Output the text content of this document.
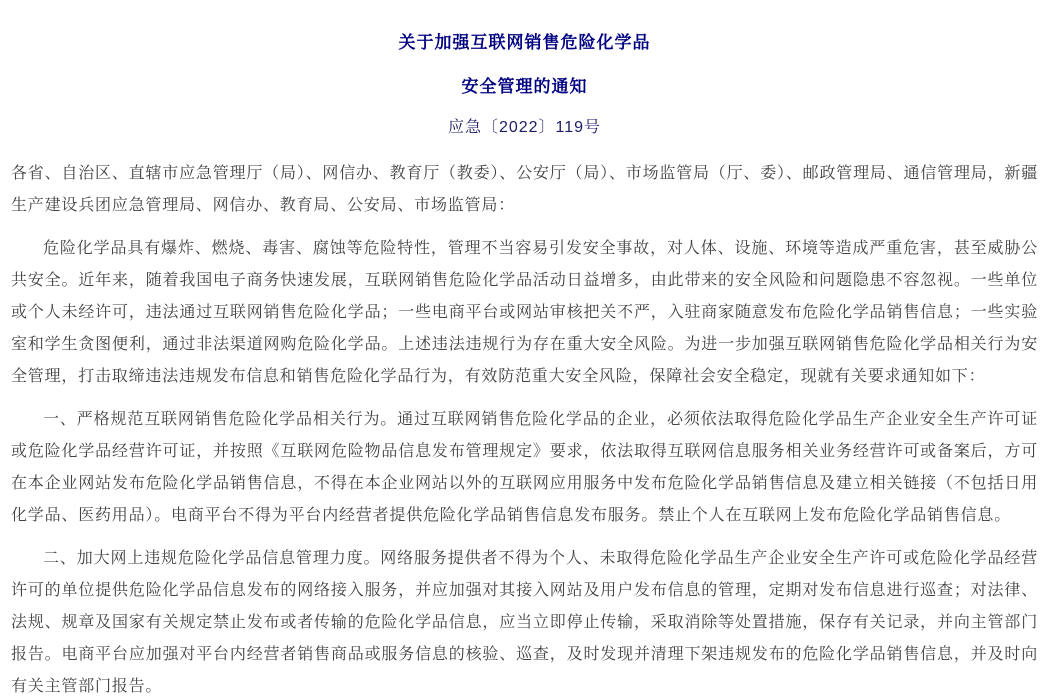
关于加强互联网销售危险化学品
安全管理的通知
应急〔2022〕119号

各省、自治区、直辖市应急管理厅（局）、网信办、教育厅（教委）、公安厅（局）、市场监管局（厅、委）、邮政管理局、通信管理局，新疆生产建设兵团应急管理局、网信办、教育局、公安局、市场监管局：

危险化学品具有爆炸、燃烧、毒害、腐蚀等危险特性，管理不当容易引发安全事故，对人体、设施、环境等造成严重危害，甚至威胁公共安全。近年来，随着我国电子商务快速发展，互联网销售危险化学品活动日益增多，由此带来的安全风险和问题隐患不容忽视。一些单位或个人未经许可，违法通过互联网销售危险化学品；一些电商平台或网站审核把关不严，入驻商家随意发布危险化学品销售信息；一些实验室和学生贪图便利，通过非法渠道网购危险化学品。上述违法违规行为存在重大安全风险。为进一步加强互联网销售危险化学品相关行为安全管理，打击取缔违法违规发布信息和销售危险化学品行为，有效防范重大安全风险，保障社会安全稳定，现就有关要求通知如下：

一、严格规范互联网销售危险化学品相关行为。通过互联网销售危险化学品的企业，必须依法取得危险化学品生产企业安全生产许可证或危险化学品经营许可证，并按照《互联网危险物品信息发布管理规定》要求，依法取得互联网信息服务相关业务经营许可或备案后，方可在本企业网站发布危险化学品销售信息，不得在本企业网站以外的互联网应用服务中发布危险化学品销售信息及建立相关链接（不包括日用化学品、医药用品）。电商平台不得为平台内经营者提供危险化学品销售信息发布服务。禁止个人在互联网上发布危险化学品销售信息。

二、加大网上违规危险化学品信息管理力度。网络服务提供者不得为个人、未取得危险化学品生产企业安全生产许可或危险化学品经营许可的单位提供危险化学品信息发布的网络接入服务，并应加强对其接入网站及用户发布信息的管理，定期对发布信息进行巡查；对法律、法规、规章及国家有关规定禁止发布或者传输的危险化学品信息，应当立即停止传输，采取消除等处置措施，保存有关记录，并向主管部门报告。电商平台应加强对平台内经营者销售商品或服务信息的核验、巡查，及时发现并清理下架违规发布的危险化学品销售信息，并及时向有关主管部门报告。
